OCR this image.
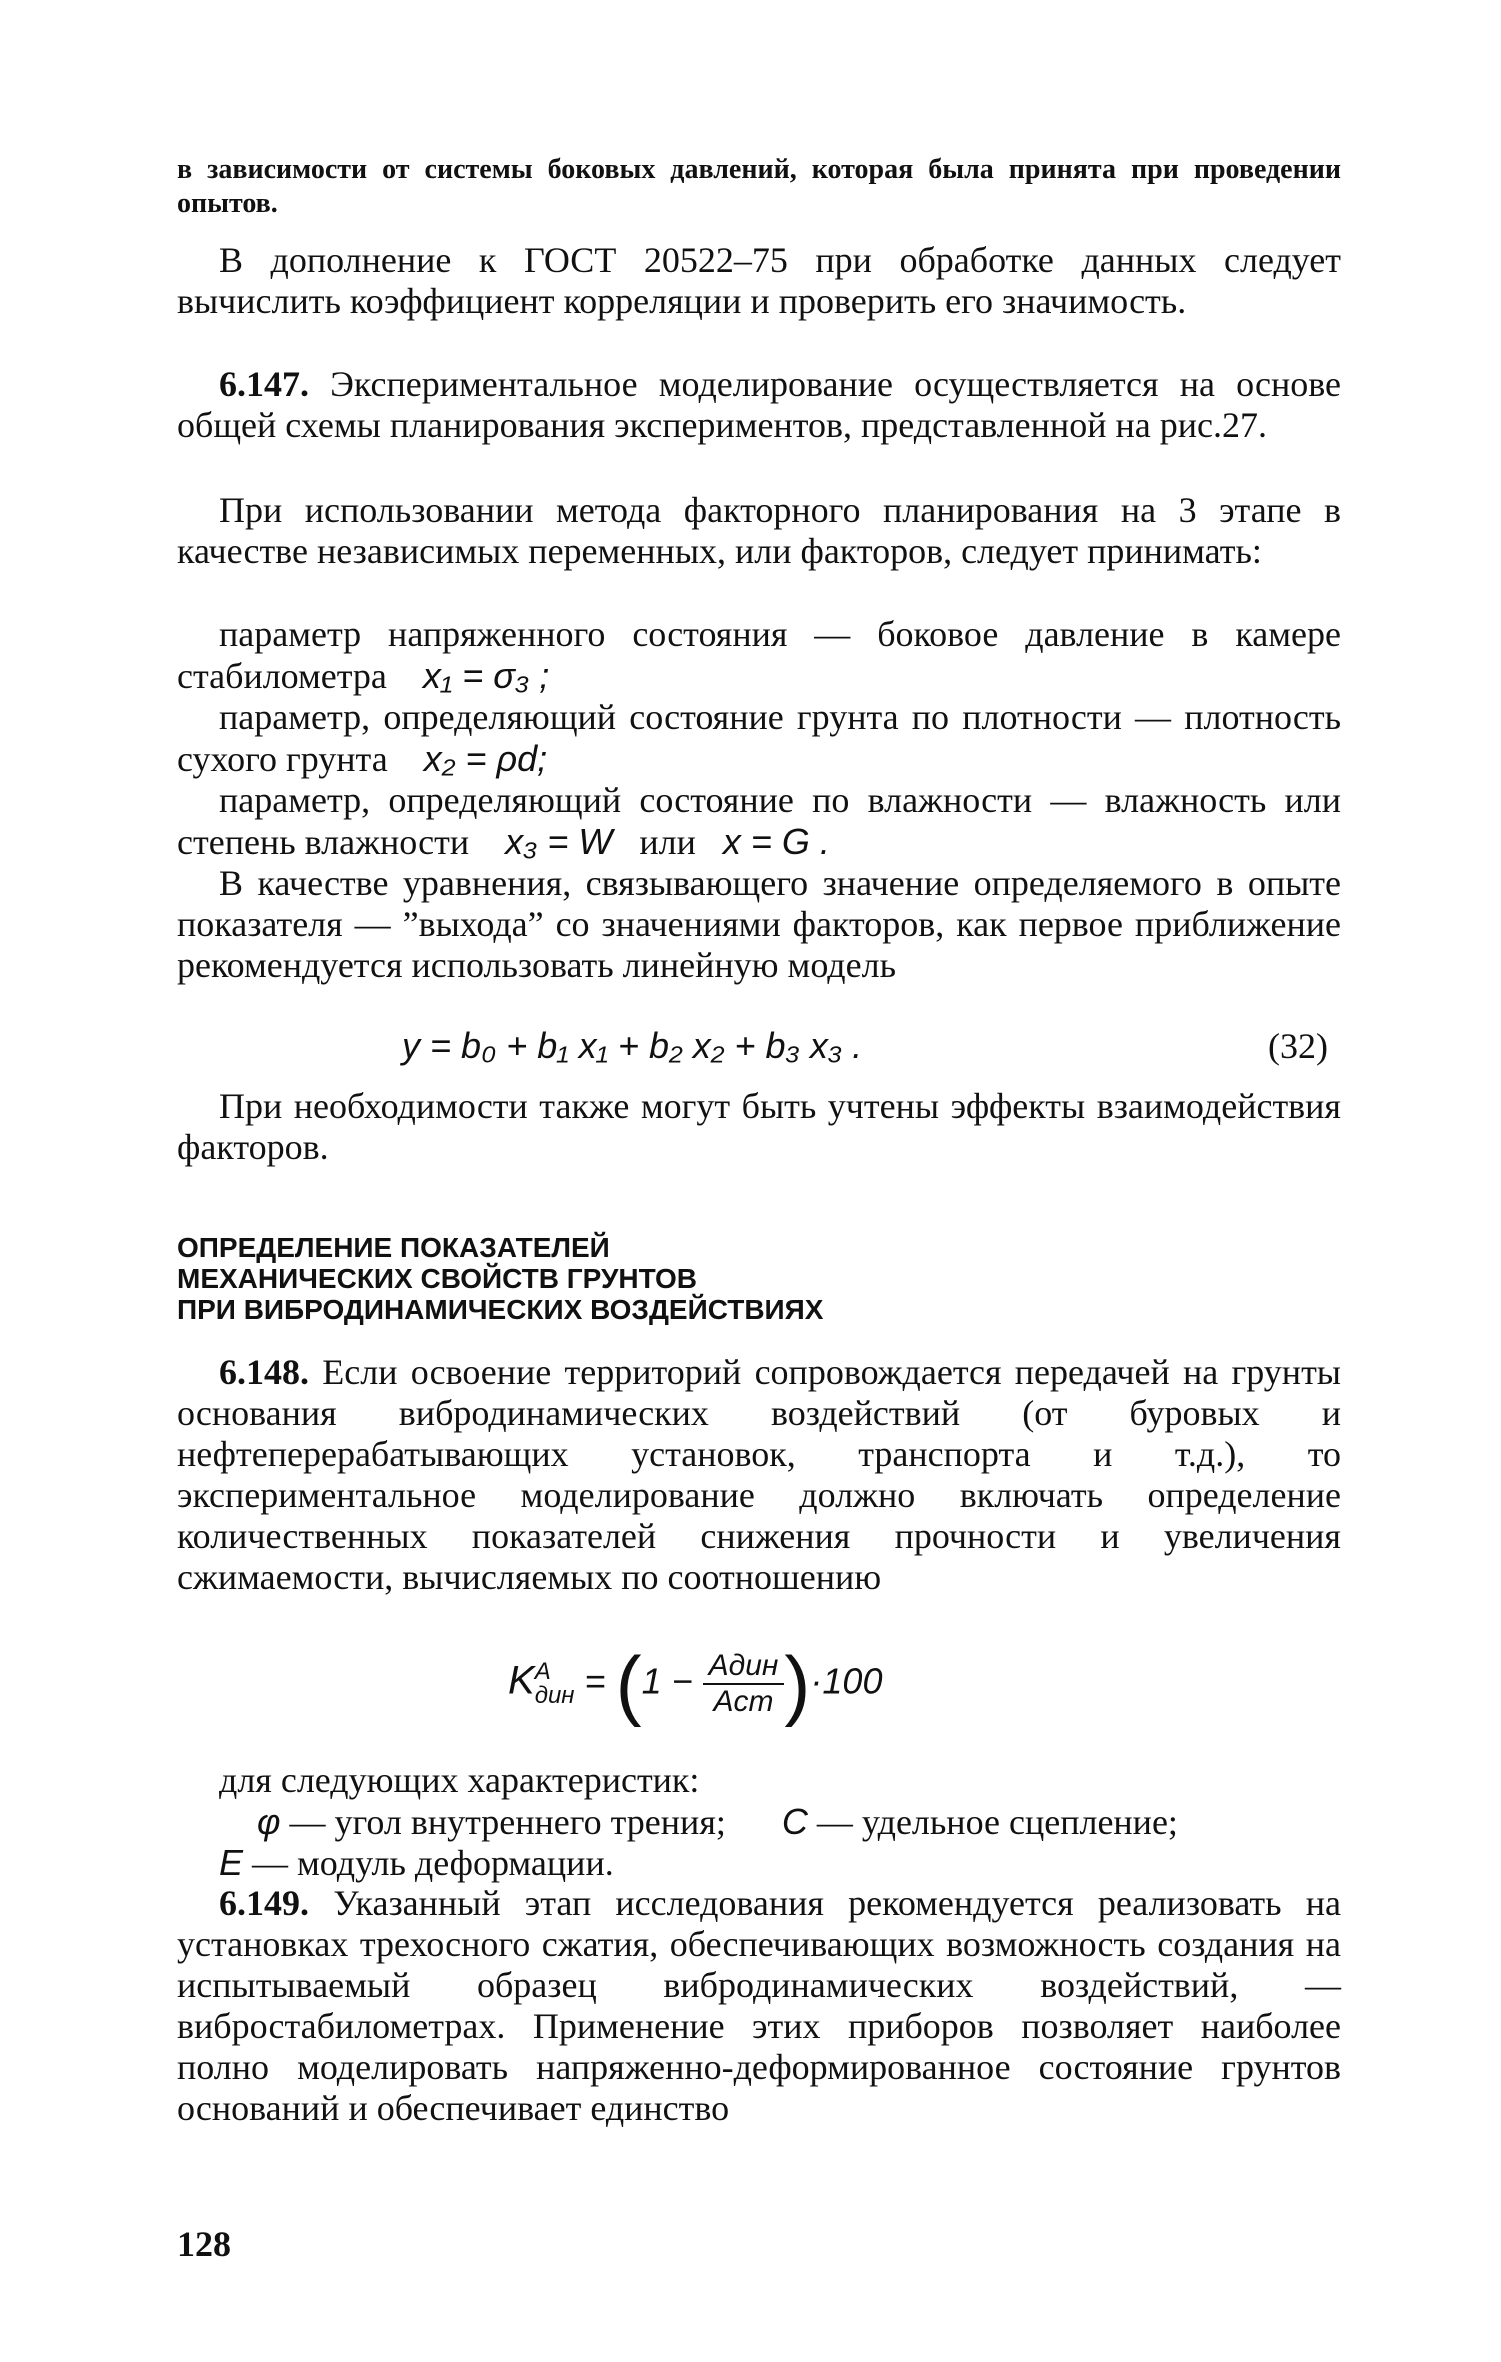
в зависимости от системы боковых давлений, которая была принята при проведении опытов.

В дополнение к ГОСТ 20522–75 при обработке данных следует вычислить коэффициент корреляции и проверить его значимость.

6.147. Экспериментальное моделирование осуществляется на основе общей схемы планирования экспериментов, представленной на рис.27.

При использовании метода факторного планирования на 3 этапе в качестве независимых переменных, или факторов, следует принимать:

параметр напряженного состояния — боковое давление в камере стабилометра x₁ = σ₃ ;

параметр, определяющий состояние грунта по плотности — плотность сухого грунта x₂ = ρd;

параметр, определяющий состояние по влажности — влажность или степень влажности x₃ = W или x = G .

В качестве уравнения, связывающего значение определяемого в опыте показателя — ”выхода” со значениями факторов, как первое приближение рекомендуется использовать линейную модель

y = b₀ + b₁ x₁ + b₂ x₂ + b₃ x₃ .	(32)

При необходимости также могут быть учтены эффекты взаимодействия факторов.

ОПРЕДЕЛЕНИЕ ПОКАЗАТЕЛЕЙ
МЕХАНИЧЕСКИХ СВОЙСТВ ГРУНТОВ
ПРИ ВИБРОДИНАМИЧЕСКИХ ВОЗДЕЙСТВИЯХ

6.148. Если освоение территорий сопровождается передачей на грунты основания вибродинамических воздействий (от буровых и нефтеперерабатывающих установок, транспорта и т.д.), то экспериментальное моделирование должно включать определение количественных показателей снижения прочности и увеличения сжимаемости, вычисляемых по соотношению

K A
дин = $(1 - \frac{\text{Aдин}}{\text{Aст}} )\cdot 100$

для следующих характеристик:

φ — угол внутреннего трения; C — удельное сцепление;

E — модуль деформации.

6.149. Указанный этап исследования рекомендуется реализовать на установках трехосного сжатия, обеспечивающих возможность создания на испытываемый образец вибродинамических воздействий, — вибростабилометрах. Применение этих приборов позволяет наиболее полно моделировать напряженно-деформированное состояние грунтов оснований и обеспечивает единство

128
